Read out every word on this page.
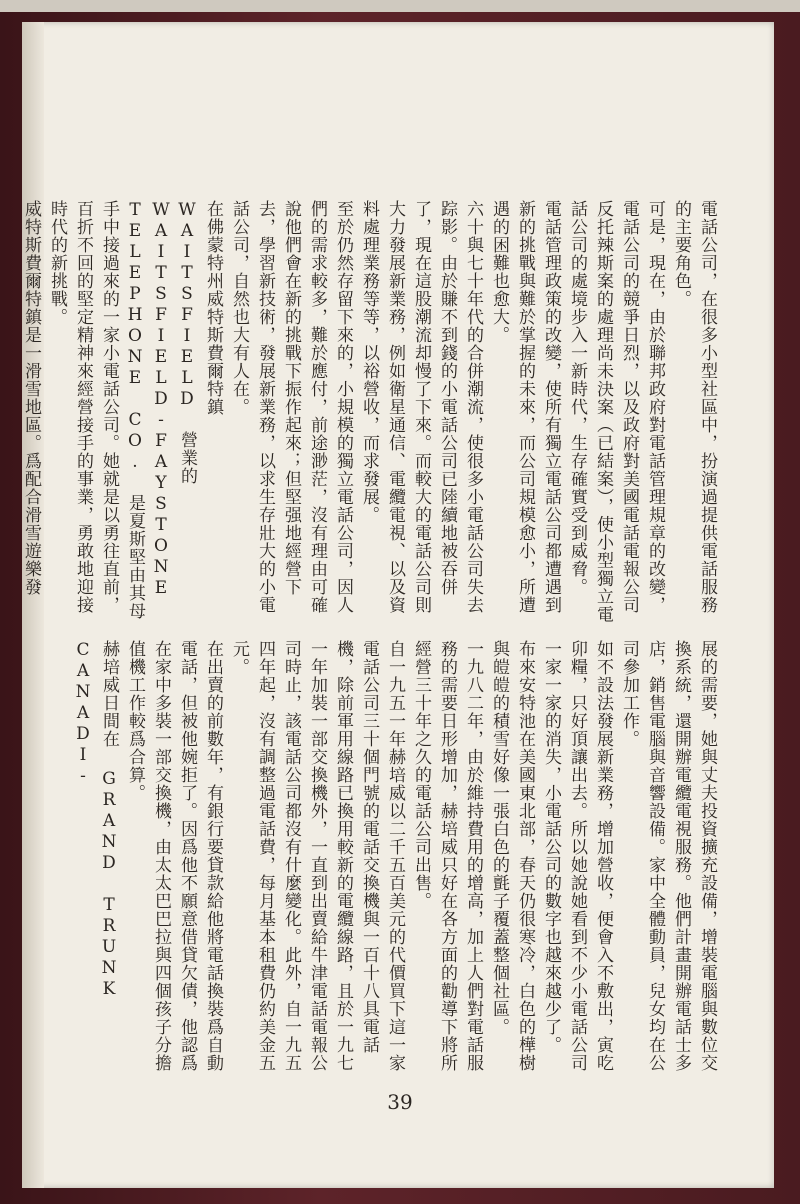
電話公司，在很多小型社區中，扮演過提供電話服務的主要角色。

可是，現在，由於聯邦政府對電話管理規章的改變，電話公司的競爭日烈，以及政府對美國電話電報公司反托辣斯案的處理尚未決案（已結案），使小型獨立電話公司的處境步入一新時代，生存確實受到威脅。

電話管理政策的改變，使所有獨立電話公司都遭遇到新的挑戰與難於掌握的未來，而公司規模愈小，所遭遇的困難也愈大。

六十與七十年代的合併潮流，使很多小電話公司失去踪影。由於賺不到錢的小電話公司已陸續地被吞併了，現在這股潮流却慢了下來。而較大的電話公司則大力發展新業務，例如衛星通信、電纜電視、以及資料處理業務等等，以裕營收，而求發展。

至於仍然存留下來的，小規模的獨立電話公司，因人們的需求較多，難於應付，前途渺茫，沒有理由可確說他們會在新的挑戰下振作起來；但堅强地經營下去，學習新技術，發展新業務，以求生存壯大的小電話公司，自然也大有人在。

在佛蒙特州威特斯費爾特鎮 WAITSFIELD 營業的 WAITSFIELD-FAYSTONE TELEPHONE CO. 是夏斯堅由其母手中接過來的一家小電話公司。她就是以勇往直前，百折不回的堅定精神來經營接手的事業，勇敢地迎接時代的新挑戰。

威特斯費爾特鎮是一滑雪地區。爲配合滑雪遊樂發

展的需要，她與丈夫投資擴充設備，增裝電腦與數位交換系統，還開辦電纜電視服務。他們計畫開辦電話士多店，銷售電腦與音響設備。家中全體動員，兒女均在公司參加工作。

如不設法發展新業務，增加營收，便會入不敷出，寅吃卯糧，只好頂讓出去。所以她說她看到不少小電話公司一家一家的消失，小電話公司的數字也越來越少了。

布來安特池在美國東北部，春天仍很寒冷，白色的樺樹與皚皚的積雪好像一張白色的氈子覆蓋整個社區。

一九八二年，由於維持費用的增高，加上人們對電話服務的需要日形增加，赫培威只好在各方面的勸導下將所經營三十年之久的電話公司出售。

自一九五一年赫培威以二千五百美元的代價買下這一家電話公司三十個門號的電話交換機與一百十八具電話機，除前軍用線路已換用較新的電纜線路，且於一九七一年加裝一部交換機外，一直到出賣給牛津電話電報公司時止，該電話公司都沒有什麼變化。此外，自一九五四年起，沒有調整過電話費，每月基本租費仍約美金五元。

在出賣的前數年，有銀行要貸款給他將電話換裝爲自動電話，但被他婉拒了。因爲他不願意借貸欠債，他認爲在家中多裝一部交換機，由太太巴巴拉與四個孩子分擔值機工作較爲合算。

赫培威日間在 GRAND TRUNK CANADI-

39
